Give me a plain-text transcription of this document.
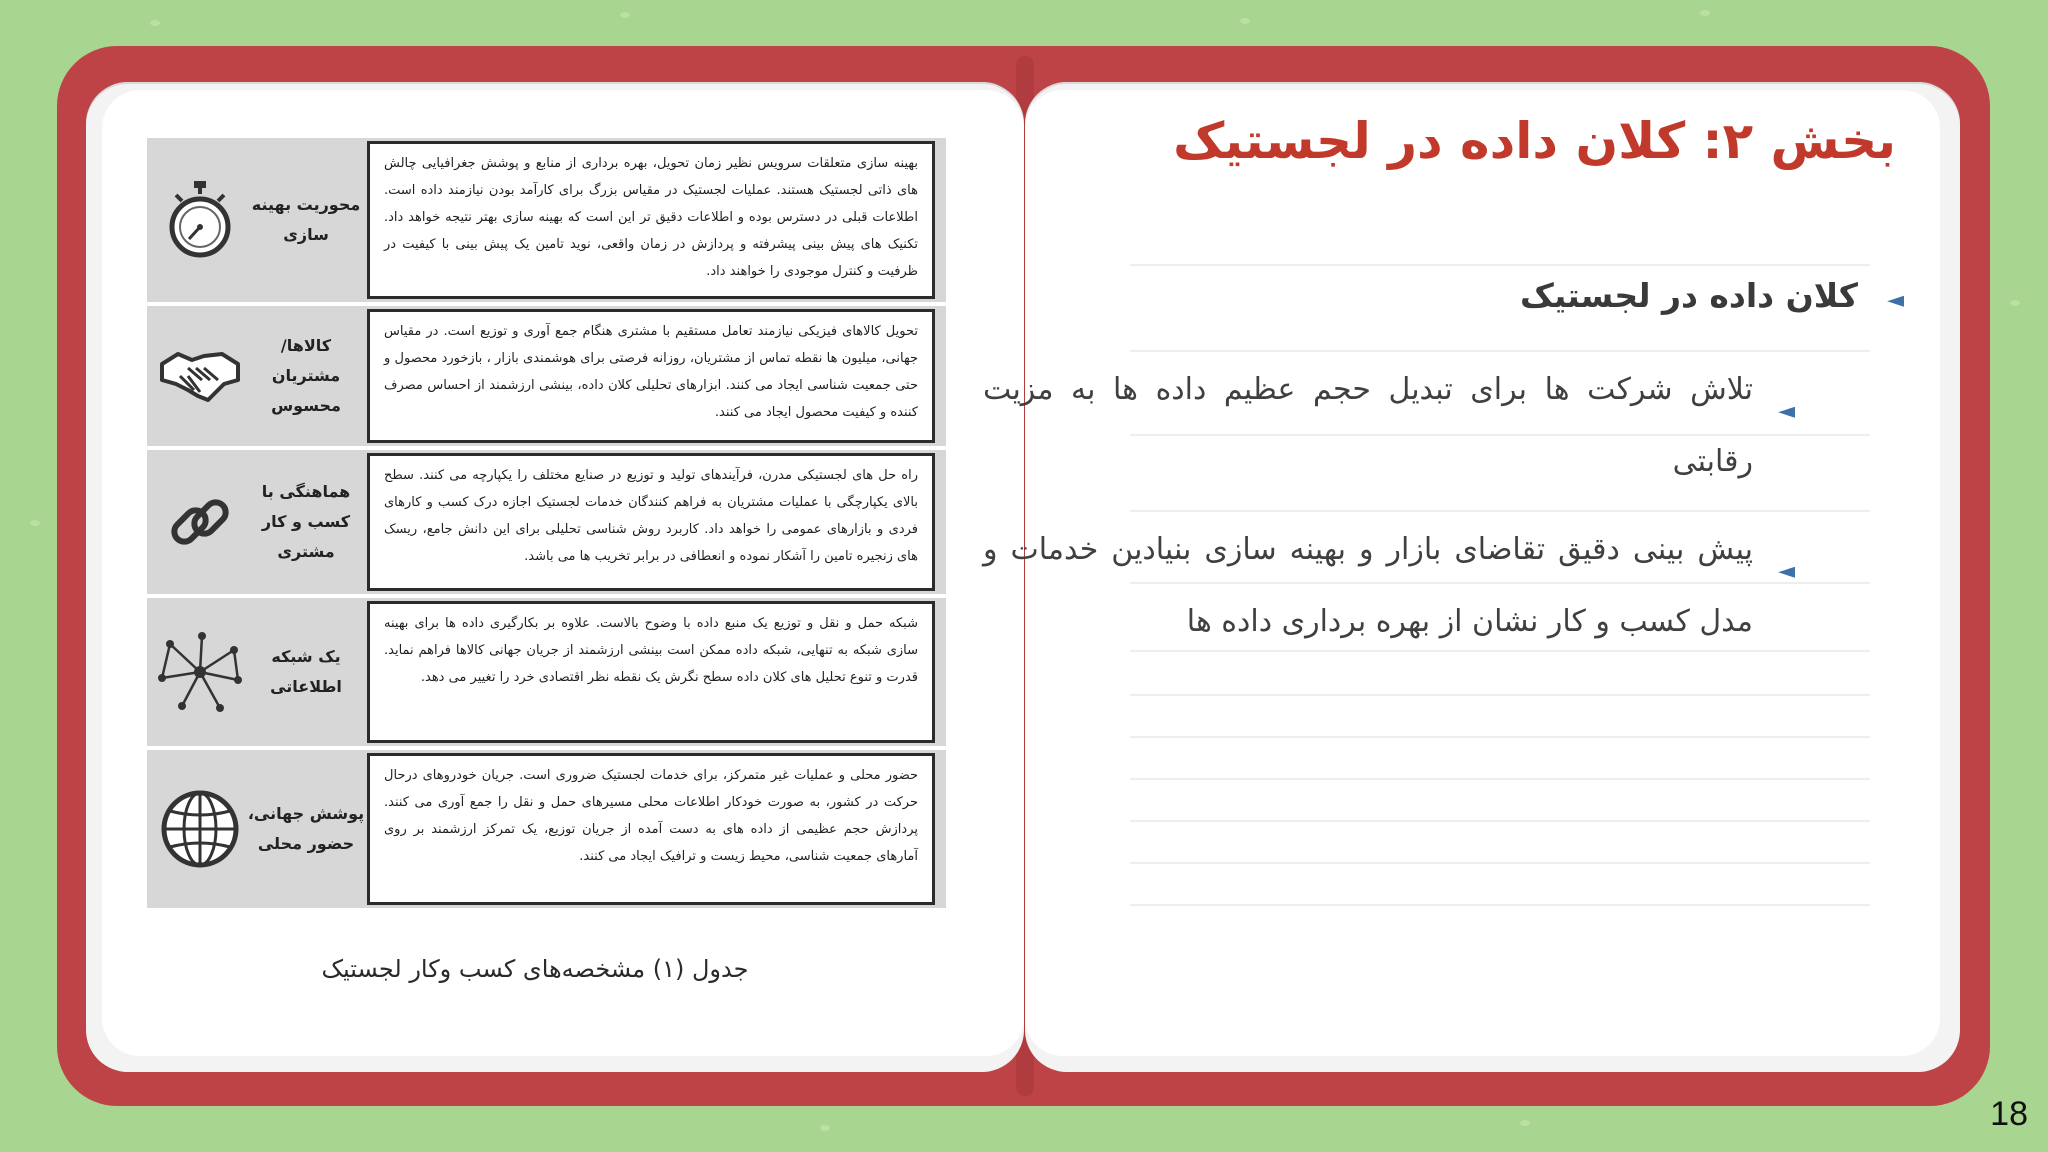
بخش ۲: کلان داده در لجستیک
◄
کلان داده در لجستیک
◄
تلاش شرکت ها برای تبدیل حجم عظیم داده ها به مزیت رقابتی
◄
پیش بینی دقیق تقاضای بازار و بهینه سازی بنیادین خدمات و مدل کسب و کار نشان از بهره برداری داده ها
محوریت بهینه سازی
بهینه سازی متعلقات سرویس نظیر زمان تحویل، بهره برداری از منابع و پوشش جغرافیایی چالش های ذاتی لجستیک هستند. عملیات لجستیک در مقیاس بزرگ برای کارآمد بودن نیازمند داده است. اطلاعات قبلی در دسترس بوده و اطلاعات دقیق تر این است که بهینه سازی بهتر نتیجه خواهد داد. تکنیک های پیش بینی پیشرفته و پردازش در زمان واقعی، نوید تامین یک پیش بینی با کیفیت در ظرفیت و کنترل موجودی را خواهند داد.
کالاها/ مشتریان محسوس
تحویل کالاهای فیزیکی نیازمند تعامل مستقیم با مشتری هنگام جمع آوری و توزیع است. در مقیاس جهانی، میلیون ها نقطه تماس از مشتریان، روزانه فرصتی برای هوشمندی بازار ، بازخورد محصول و حتی جمعیت شناسی ایجاد می کنند. ابزارهای تحلیلی کلان داده، بینشی ارزشمند از احساس مصرف کننده و کیفیت محصول ایجاد می کنند.
هماهنگی با کسب و کار مشتری
راه حل های لجستیکی مدرن، فرآیندهای تولید و توزیع در صنایع مختلف را یکپارچه می کنند. سطح بالای یکپارچگی با عملیات مشتریان به فراهم کنندگان خدمات لجستیک اجازه درک کسب و کارهای فردی و بازارهای عمومی را خواهد داد. کاربرد روش شناسی تحلیلی برای این دانش جامع، ریسک های زنجیره تامین را آشکار نموده و انعطافی در برابر تخریب ها می باشد.
یک شبکه اطلاعاتی
شبکه حمل و نقل و توزیع یک منبع داده با وضوح بالاست. علاوه بر بکارگیری داده ها برای بهینه سازی شبکه به تنهایی، شبکه داده ممکن است بینشی ارزشمند از جریان جهانی کالاها فراهم نماید. قدرت و تنوع تحلیل های کلان داده سطح نگرش یک نقطه نظر اقتصادی خرد را تغییر می دهد.
پوشش جهانی، حضور محلی
حضور محلی و عملیات غیر متمرکز، برای خدمات لجستیک ضروری است. جریان خودروهای درحال حرکت در کشور، به صورت خودکار اطلاعات محلی مسیرهای حمل و نقل را جمع آوری می کنند. پردازش حجم عظیمی از داده های به دست آمده از جریان توزیع، یک تمرکز ارزشمند بر روی آمارهای جمعیت شناسی، محیط زیست و ترافیک ایجاد می کنند.
جدول (۱) مشخصه‌های کسب وکار لجستیک
18
